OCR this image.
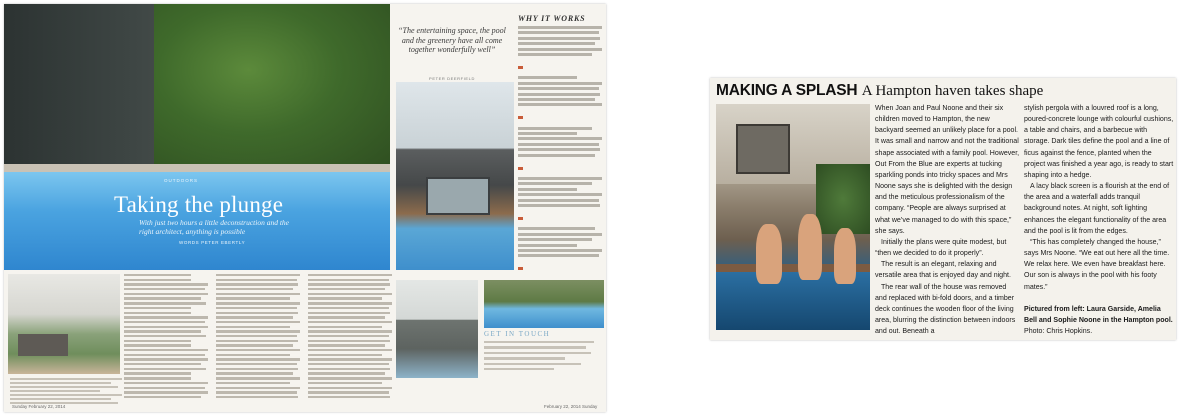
OUTDOORS
Taking the plunge
With just two hours a little deconstruction and the right architect, anything is possible
WORDS PETER EBERTLY
“The entertaining space, the pool and the greenery have all come together wonderfully well”
PETER DEERFIELD
WHY IT WORKS
GET IN TOUCH
Sunday February 22, 2014	February 22, 2014 Sunday
MAKING A SPLASH A Hampton haven takes shape

When Joan and Paul Noone and their six children moved to Hampton, the new backyard seemed an unlikely place for a pool. It was small and narrow and not the traditional shape associated with a family pool. However, Out From the Blue are experts at tucking sparkling ponds into tricky spaces and Mrs Noone says she is delighted with the design and the meticulous professionalism of the company. “People are always surprised at what we’ve managed to do with this space,” she says.

Initially the plans were quite modest, but “then we decided to do it properly”.

The result is an elegant, relaxing and versatile area that is enjoyed day and night.

The rear wall of the house was removed and replaced with bi-fold doors, and a timber deck continues the wooden floor of the living area, blurring the distinction between indoors and out. Beneath a

stylish pergola with a louvred roof is a long, poured-concrete lounge with colourful cushions, a table and chairs, and a barbecue with storage. Dark tiles define the pool and a line of ficus against the fence, planted when the project was finished a year ago, is ready to start shaping into a hedge.

A lacy black screen is a flourish at the end of the area and a waterfall adds tranquil background notes. At night, soft lighting enhances the elegant functionality of the area and the pool is lit from the edges.

“This has completely changed the house,” says Mrs Noone. “We eat out here all the time. We relax here. We even have breakfast here. Our son is always in the pool with his footy mates.”

Pictured from left: Laura Garside, Amelia Bell and Sophie Noone in the Hampton pool. Photo: Chris Hopkins.
